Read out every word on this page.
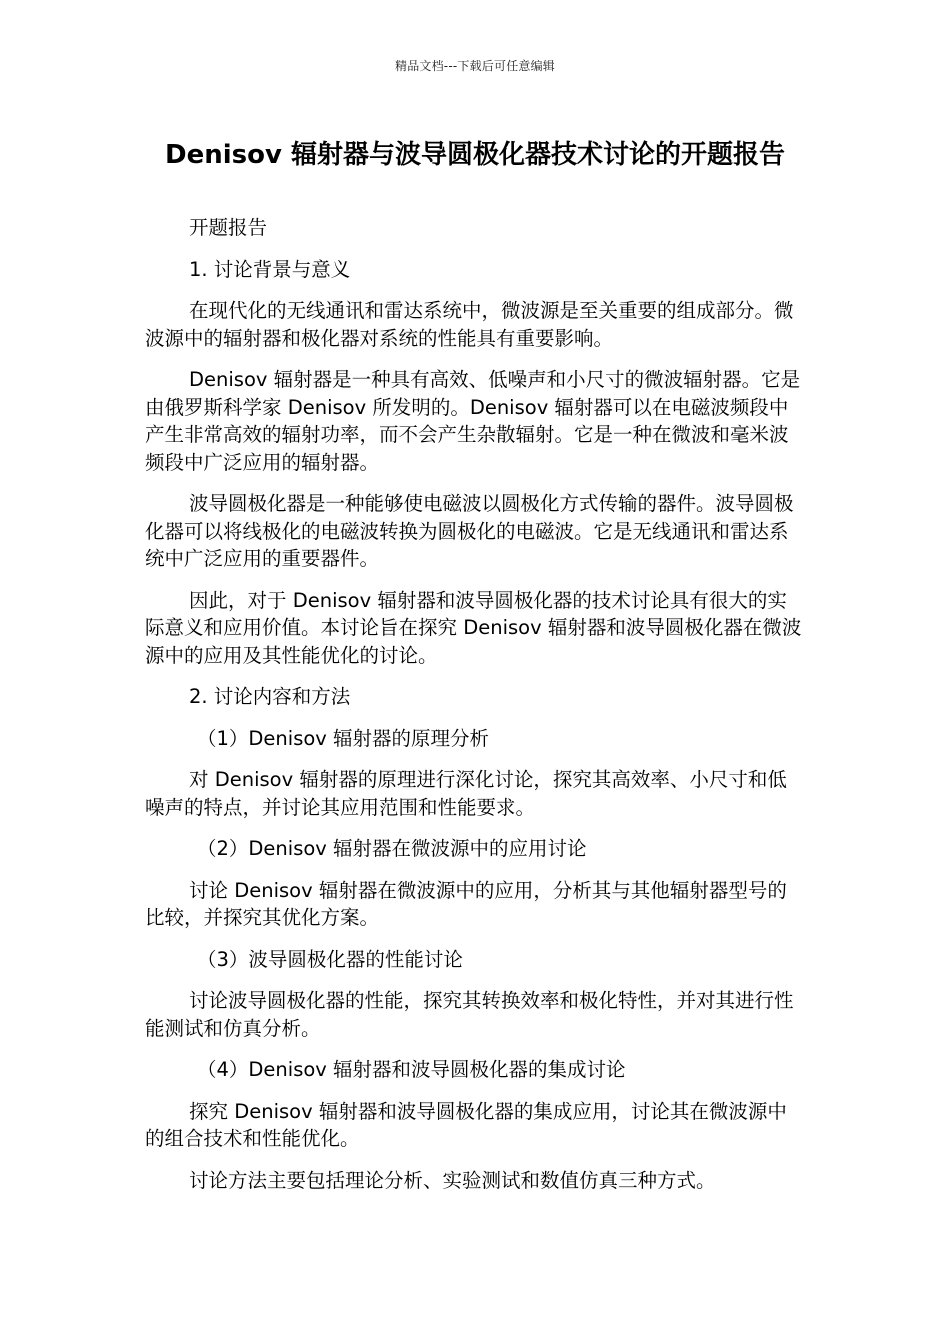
精品文档---下载后可任意编辑
Denisov 辐射器与波导圆极化器技术讨论的开题报告

开题报告

1. 讨论背景与意义

在现代化的无线通讯和雷达系统中，微波源是至关重要的组成部分。微波源中的辐射器和极化器对系统的性能具有重要影响。

Denisov 辐射器是一种具有高效、低噪声和小尺寸的微波辐射器。它是由俄罗斯科学家 Denisov 所发明的。Denisov 辐射器可以在电磁波频段中产生非常高效的辐射功率，而不会产生杂散辐射。它是一种在微波和毫米波频段中广泛应用的辐射器。

波导圆极化器是一种能够使电磁波以圆极化方式传输的器件。波导圆极化器可以将线极化的电磁波转换为圆极化的电磁波。它是无线通讯和雷达系统中广泛应用的重要器件。

因此，对于 Denisov 辐射器和波导圆极化器的技术讨论具有很大的实际意义和应用价值。本讨论旨在探究 Denisov 辐射器和波导圆极化器在微波源中的应用及其性能优化的讨论。

2. 讨论内容和方法

（1）Denisov 辐射器的原理分析

对 Denisov 辐射器的原理进行深化讨论，探究其高效率、小尺寸和低噪声的特点，并讨论其应用范围和性能要求。

（2）Denisov 辐射器在微波源中的应用讨论

讨论 Denisov 辐射器在微波源中的应用，分析其与其他辐射器型号的比较，并探究其优化方案。

（3）波导圆极化器的性能讨论

讨论波导圆极化器的性能，探究其转换效率和极化特性，并对其进行性能测试和仿真分析。

（4）Denisov 辐射器和波导圆极化器的集成讨论

探究 Denisov 辐射器和波导圆极化器的集成应用，讨论其在微波源中的组合技术和性能优化。

讨论方法主要包括理论分析、实验测试和数值仿真三种方式。
